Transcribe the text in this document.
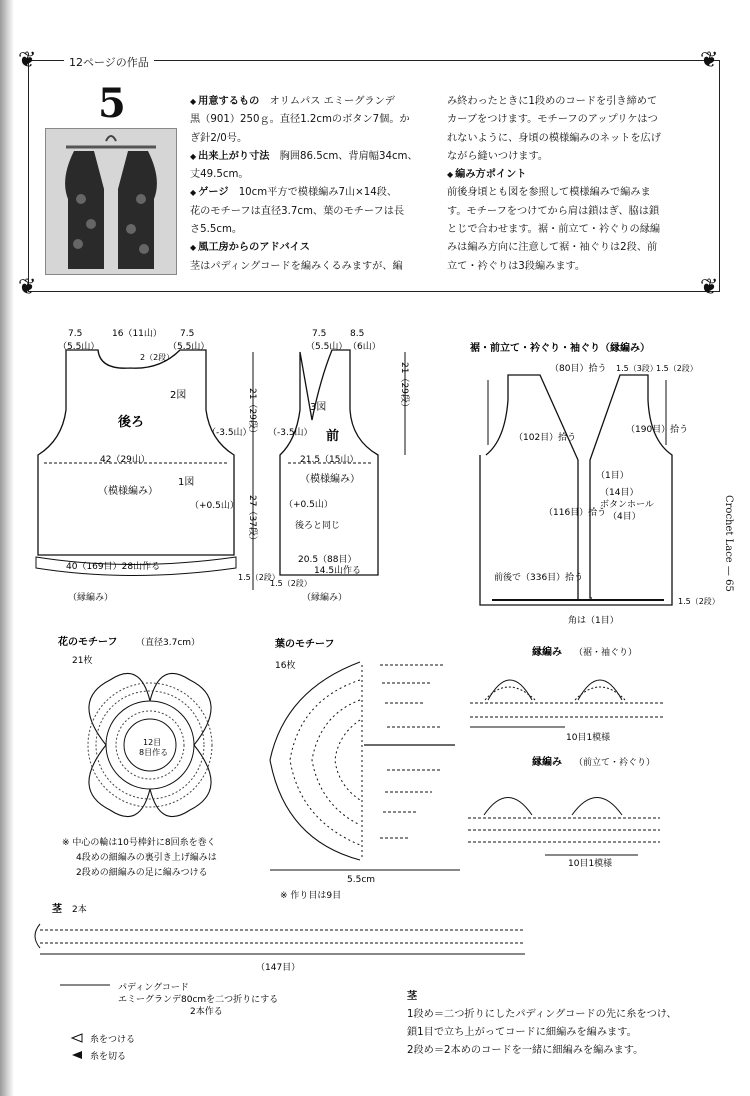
❦	❦
❦	❦
12ページの作品
5

◆	用意するもの　 オリムパス エミーグランデ

黒（901）250ｇ。直径1.2cmのボタン7個。か

ぎ針2/0号。

◆ 出来上がり寸法　 胸囲86.5cm、背肩幅34cm、

丈49.5cm。

◆ ゲージ　 10cm平方で模様編み7山×14段、

花のモチーフは直径3.7cm、葉のモチーフは長

さ5.5cm。

◆ 風工房からのアドバイス

茎はパディングコードを編みくるみますが、編

み終わったときに1段めのコードを引き締めて

カーブをつけます。モチーフのアップリケはつ

れないように、身頃の模様編みのネットを広げ

ながら縫いつけます。

◆ 編み方ポイント

前後身頃とも図を参照して模様編みで編みま

す。モチーフをつけてから肩は鎖はぎ、脇は鎖

とじで合わせます。裾・前立て・衿ぐりの縁編

みは編み方向に注意して裾・袖ぐりは2段、前

立て・衿ぐりは3段編みます。

7.5	16（11山） 7.5
（5.5山）	（5.5山）
2（2段）
2図
後ろ
（-3.5山）
42（29山）
1図
（模様編み）
（+0.5山）
21（29段）
27（37段）
40（169目）28山作る
1.5（2段）
（縁編み）
7.5	8.5
（5.5山） （6山）
3図
（-3.5山） 前
21.5（15山）
（模様編み）
（+0.5山）
後ろと同じ
21（29段）
20.5（88目）
14.5山作る
1.5（2段）
（縁編み）
裾・前立て・衿ぐり・袖ぐり（縁編み）
（80目）拾う 1.5（3段）
1.5（2段）
（102目）拾う
（190目）拾う
（1目）
（14目）
ボタンホール
（4目）
（116目）拾う
前後で（336目）拾う
角は（1目）
1.5（2段）
花のモチーフ （直径3.7cm）
21枚
12目
8目作る
※ 中心の輪は10号棒針に8回糸を巻く
4段めの細編みの裏引き上げ編みは
2段めの細編みの足に編みつける
葉のモチーフ
16枚
5.5cm
※ 作り目は9目
縁編み （裾・袖ぐり）
10目1模様
縁編み （前立て・衿ぐり）
10目1模様
茎 2本
（147目）
パディングコード
エミーグランデ80cmを二つ折りにする
2本作る
糸をつける
糸を切る
Crochet Lace — 65

茎

1段め＝二つ折りにしたパディングコードの先に糸をつけ、

鎖1目で立ち上がってコードに細編みを編みます。

2段め＝2本めのコードを一緒に細編みを編みます。
